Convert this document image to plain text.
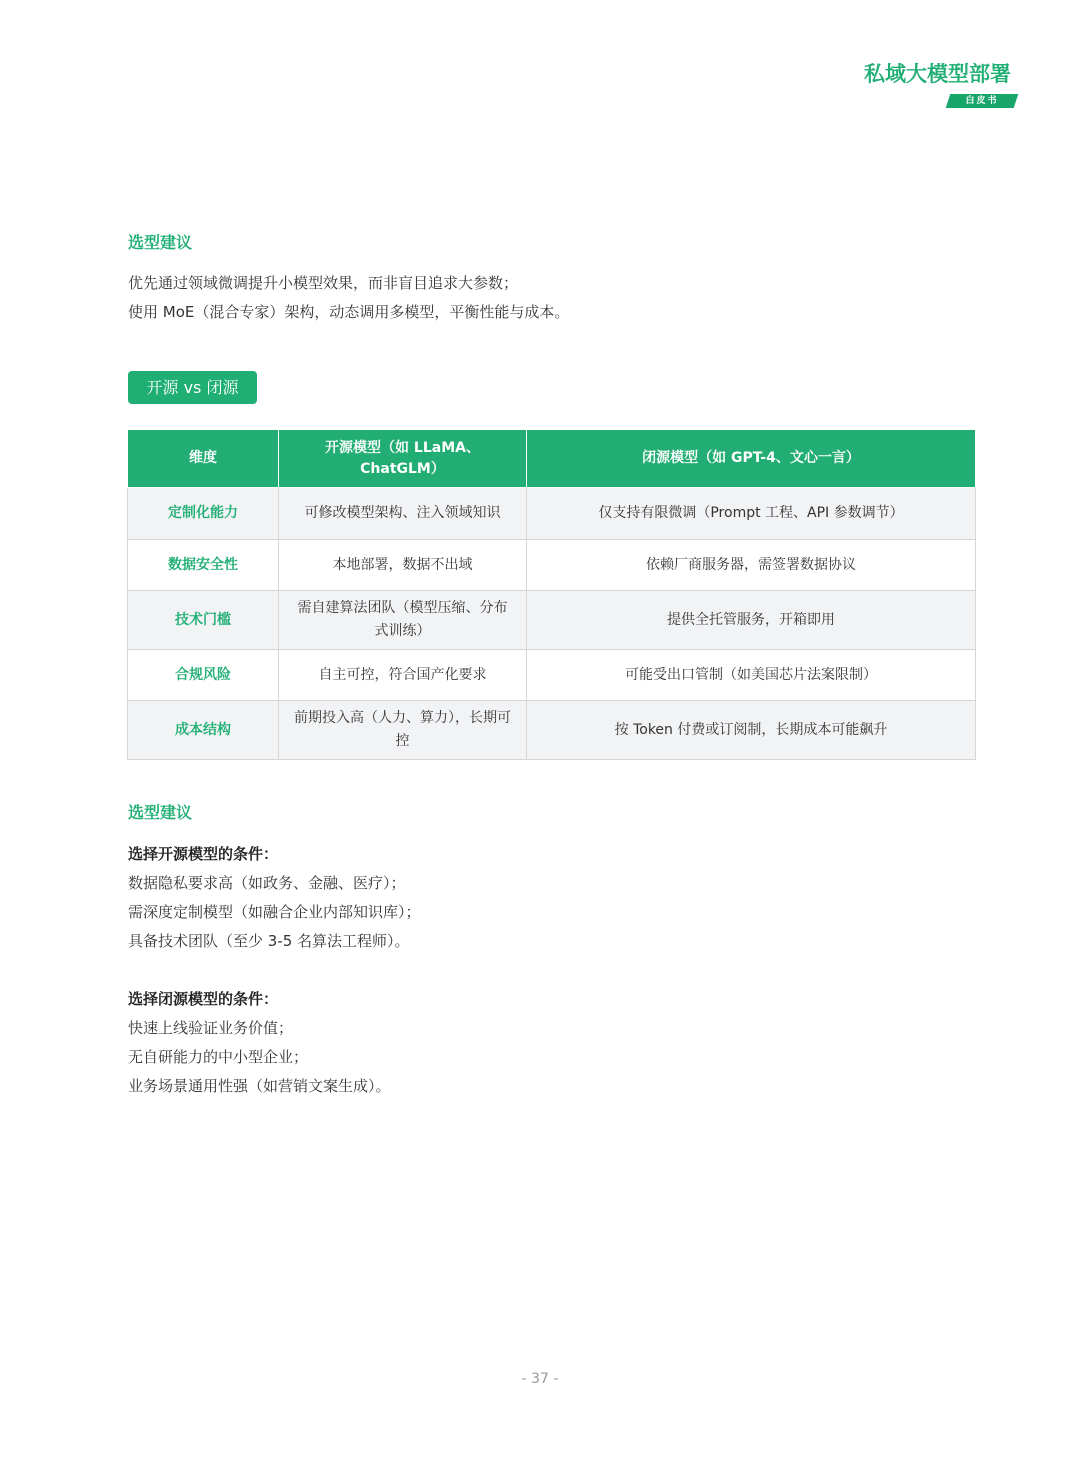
私域大模型部署
白皮书
选型建议
优先通过领域微调提升小模型效果，而非盲目追求大参数；
使用 MoE（混合专家）架构，动态调用多模型，平衡性能与成本。
开源 vs 闭源
维度	开源模型（如 LLaMA、ChatGLM）	闭源模型（如 GPT-4、文心一言）
定制化能力	可修改模型架构、注入领域知识	仅支持有限微调（Prompt 工程、API 参数调节）
数据安全性	本地部署，数据不出域	依赖厂商服务器，需签署数据协议
技术门槛	需自建算法团队（模型压缩、分布式训练）	提供全托管服务，开箱即用
合规风险	自主可控，符合国产化要求	可能受出口管制（如美国芯片法案限制）
成本结构	前期投入高（人力、算力），长期可控	按 Token 付费或订阅制，长期成本可能飙升
选型建议
选择开源模型的条件：
数据隐私要求高（如政务、金融、医疗）；
需深度定制模型（如融合企业内部知识库）；
具备技术团队（至少 3-5 名算法工程师）。
选择闭源模型的条件：
快速上线验证业务价值；
无自研能力的中小型企业；
业务场景通用性强（如营销文案生成）。
- 37 -
